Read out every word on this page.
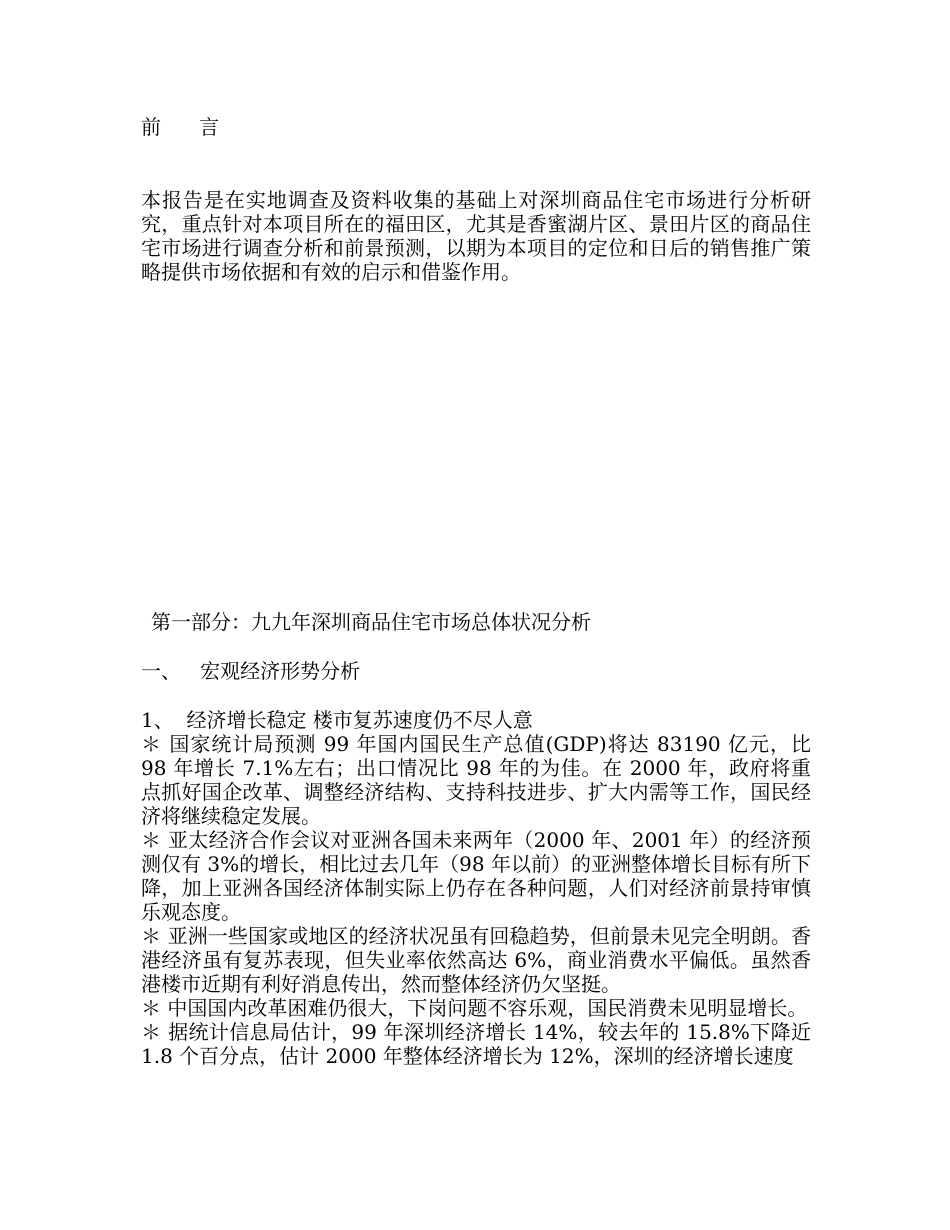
前      言

本报告是在实地调查及资料收集的基础上对深圳商品住宅市场进行分析研究，重点针对本项目所在的福田区，尤其是香蜜湖片区、景田片区的商品住宅市场进行调查分析和前景预测，以期为本项目的定位和日后的销售推广策略提供市场依据和有效的启示和借鉴作用。

第一部分：九九年深圳商品住宅市场总体状况分析
一、   宏观经济形势分析

1、  经济增长稳定 楼市复苏速度仍不尽人意

＊ 国家统计局预测 99 年国内国民生产总值(GDP)将达 83190 亿元，比 98 年增长 7.1%左右；出口情况比 98 年的为佳。在 2000 年，政府将重点抓好国企改革、调整经济结构、支持科技进步、扩大内需等工作，国民经济将继续稳定发展。

＊ 亚太经济合作会议对亚洲各国未来两年（2000 年、2001 年）的经济预测仅有 3%的增长，相比过去几年（98 年以前）的亚洲整体增长目标有所下降，加上亚洲各国经济体制实际上仍存在各种问题，人们对经济前景持审慎乐观态度。

＊ 亚洲一些国家或地区的经济状况虽有回稳趋势，但前景未见完全明朗。香港经济虽有复苏表现，但失业率依然高达 6%，商业消费水平偏低。虽然香港楼市近期有利好消息传出，然而整体经济仍欠坚挺。

＊ 中国国内改革困难仍很大，下岗问题不容乐观，国民消费未见明显增长。

＊ 据统计信息局估计，99 年深圳经济增长 14%，较去年的 15.8%下降近 1.8 个百分点，估计 2000 年整体经济增长为 12%，深圳的经济增长速度
